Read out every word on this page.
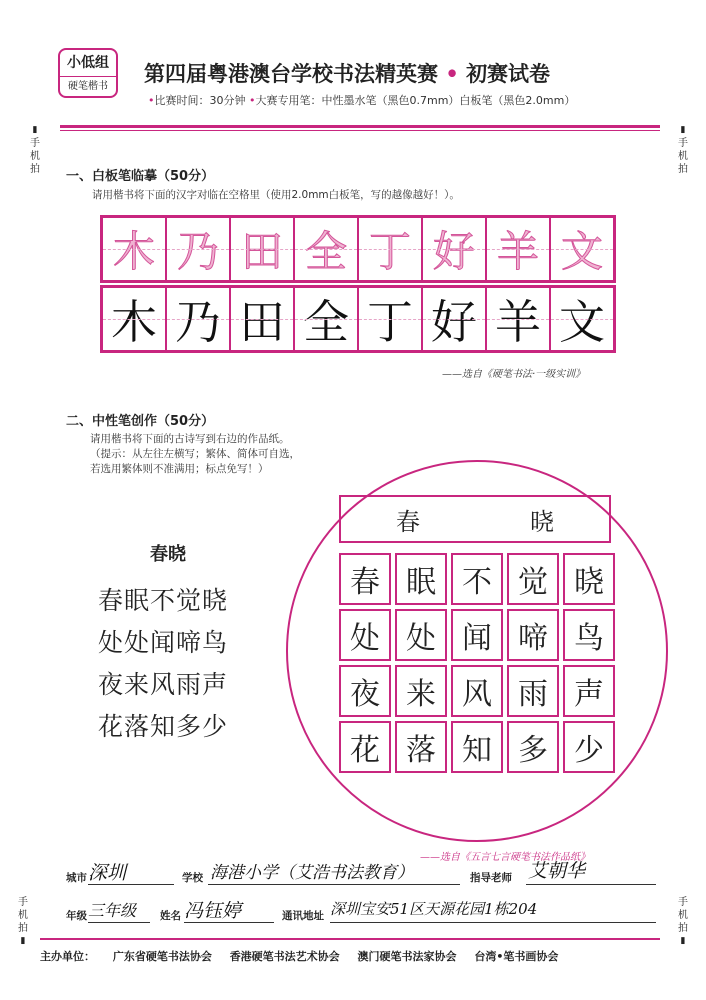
小低组
硬笔楷书
第四届粤港澳台学校书法精英赛 • 初赛试卷
•比赛时间：30分钟 •大赛专用笔：中性墨水笔（黑色0.7mm）白板笔（黑色2.0mm）
▮
手机拍
▮
手机拍
手机拍
▮
手机拍
▮
一、白板笔临摹（50分）
请用楷书将下面的汉字对临在空格里（使用2.0mm白板笔，写的越像越好！）。
木 乃 田 全 丁 好 羊 文
木 乃 田 全 丁 好 羊 文
——选自《硬笔书法·一级实训》
二、中性笔创作（50分）
请用楷书将下面的古诗写到右边的作品纸。
（提示：从左往左横写；繁体、简体可自选，
若选用繁体则不准满用；标点免写！）
春晓
春眠不觉晓
处处闻啼鸟
夜来风雨声
花落知多少
春	晓
春 眠 不 觉 晓
处 处 闻 啼 鸟
夜 来 风 雨 声
花 落 知 多 少
——选自《五言七言硬笔书法作品纸》
城市 深圳	学校 海港小学（艾浩书法教育）	指导老师 艾朝华
年级 三年级 姓名 冯钰婷	通讯地址 深圳宝安51区天源花园1栋204
主办单位： 广东省硬笔书法协会 香港硬笔书法艺术协会 澳门硬笔书法家协会 台湾•笔书画协会
